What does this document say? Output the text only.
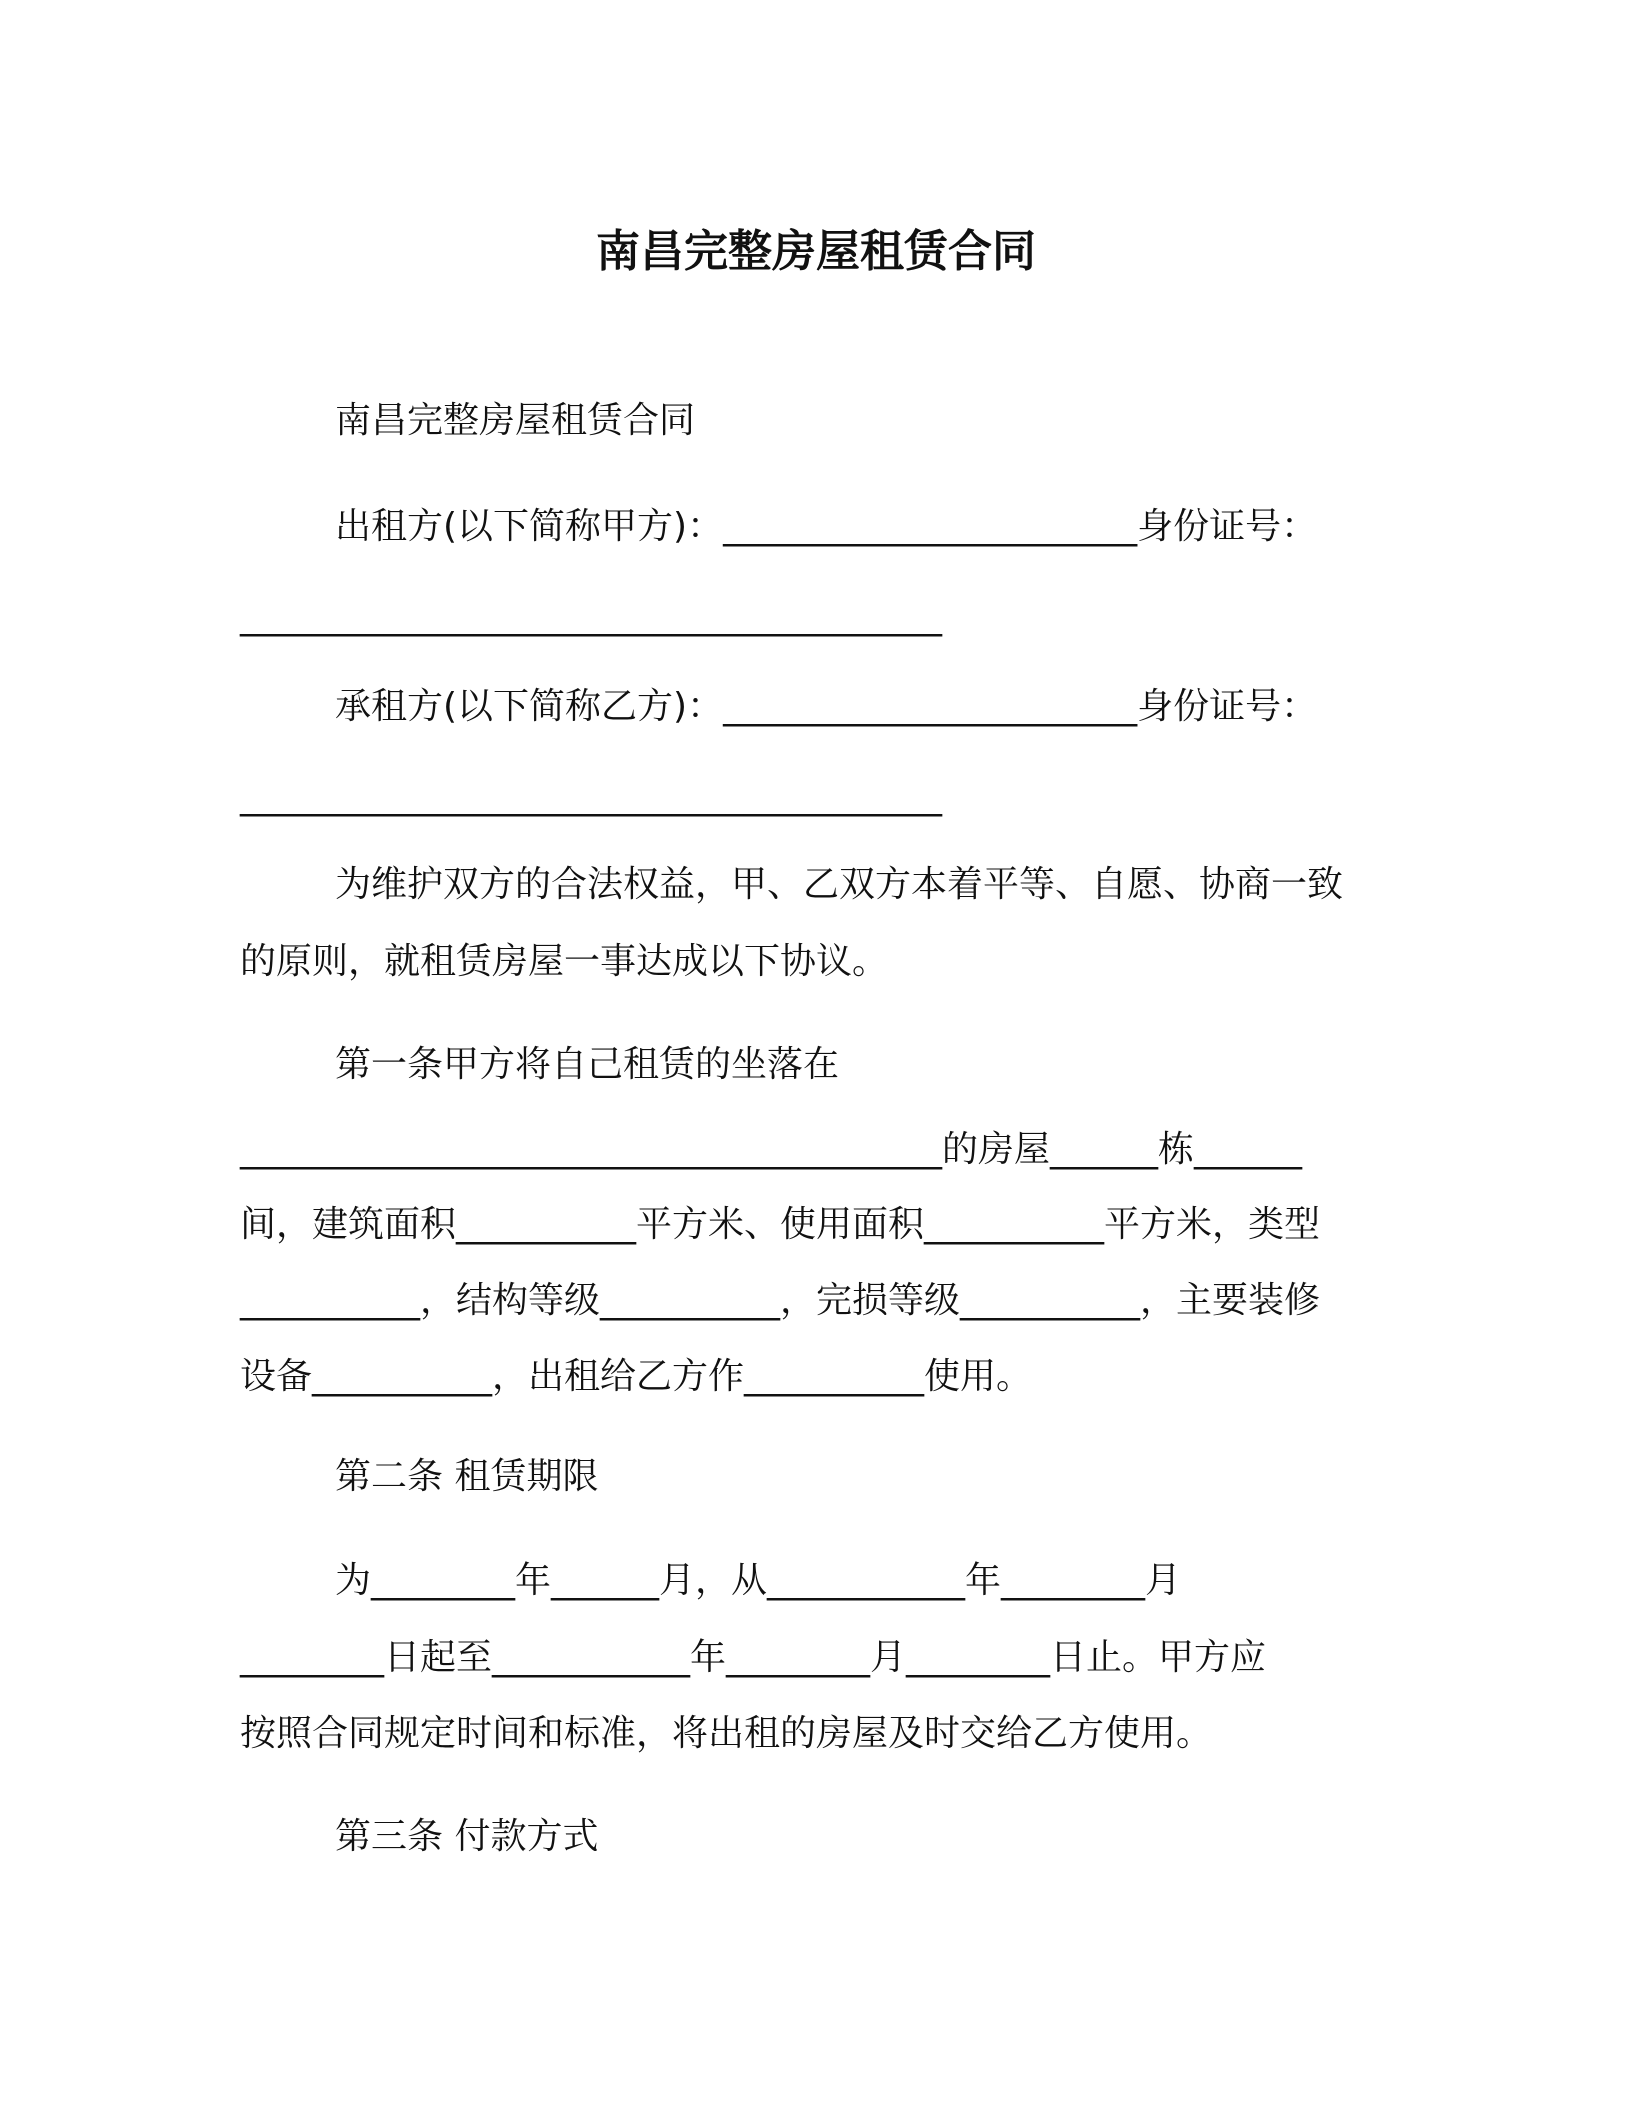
南昌完整房屋租赁合同
南昌完整房屋租赁合同
出租方(以下简称甲方)：_______________________身份证号：
_______________________________________
承租方(以下简称乙方)：_______________________身份证号：
_______________________________________
为维护双方的合法权益，甲、乙双方本着平等、自愿、协商一致
的原则，就租赁房屋一事达成以下协议。
第一条甲方将自己租赁的坐落在
_______________________________________的房屋______栋______
间，建筑面积__________平方米、使用面积__________平方米，类型
__________，结构等级__________，完损等级__________，主要装修
设备__________，出租给乙方作__________使用。
第二条 租赁期限
为________年______月，从___________年________月
________日起至___________年________月________日止。甲方应
按照合同规定时间和标准，将出租的房屋及时交给乙方使用。
第三条 付款方式
